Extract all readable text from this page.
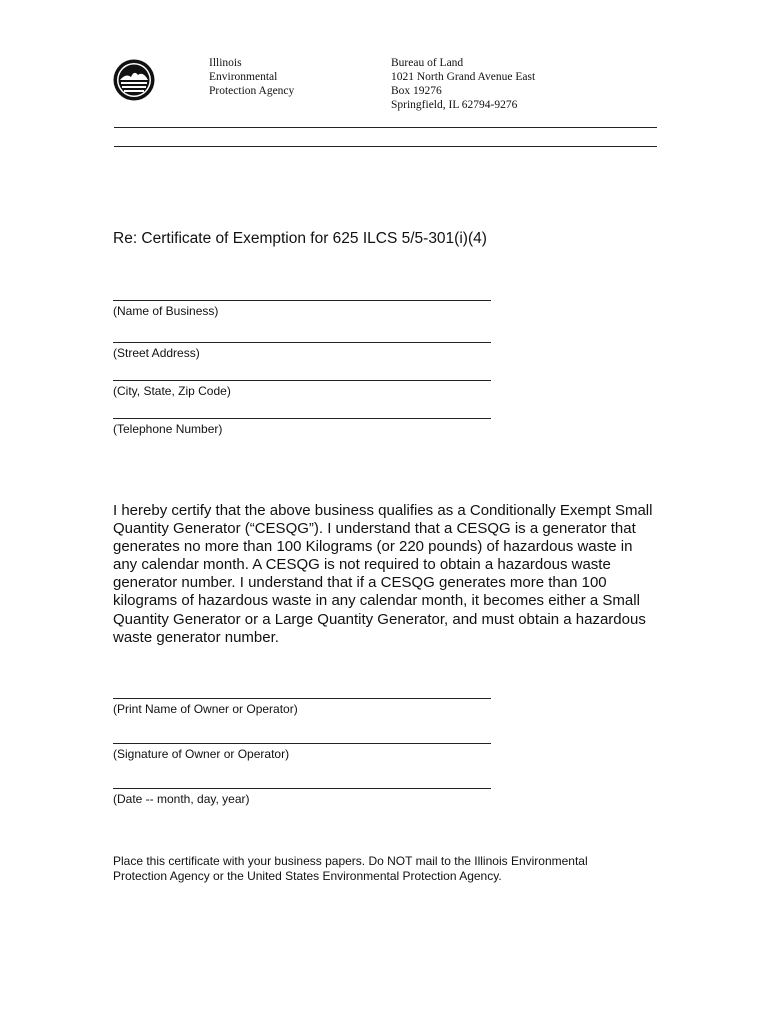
Illinois
Environmental
Protection Agency
Bureau of Land
1021 North Grand Avenue East
Box 19276
Springfield, IL 62794-9276
Re: Certificate of Exemption for 625 ILCS 5/5-301(i)(4)
(Name of Business)
(Street Address)
(City, State, Zip Code)
(Telephone Number)
I hereby certify that the above business qualifies as a Conditionally Exempt Small
Quantity Generator (“CESQG”). I understand that a CESQG is a generator that
generates no more than 100 Kilograms (or 220 pounds) of hazardous waste in
any calendar month. A CESQG is not required to obtain a hazardous waste
generator number. I understand that if a CESQG generates more than 100
kilograms of hazardous waste in any calendar month, it becomes either a Small
Quantity Generator or a Large Quantity Generator, and must obtain a hazardous
waste generator number.
(Print Name of Owner or Operator)
(Signature of Owner or Operator)
(Date -- month, day, year)
Place this certificate with your business papers. Do NOT mail to the Illinois Environmental
Protection Agency or the United States Environmental Protection Agency.
